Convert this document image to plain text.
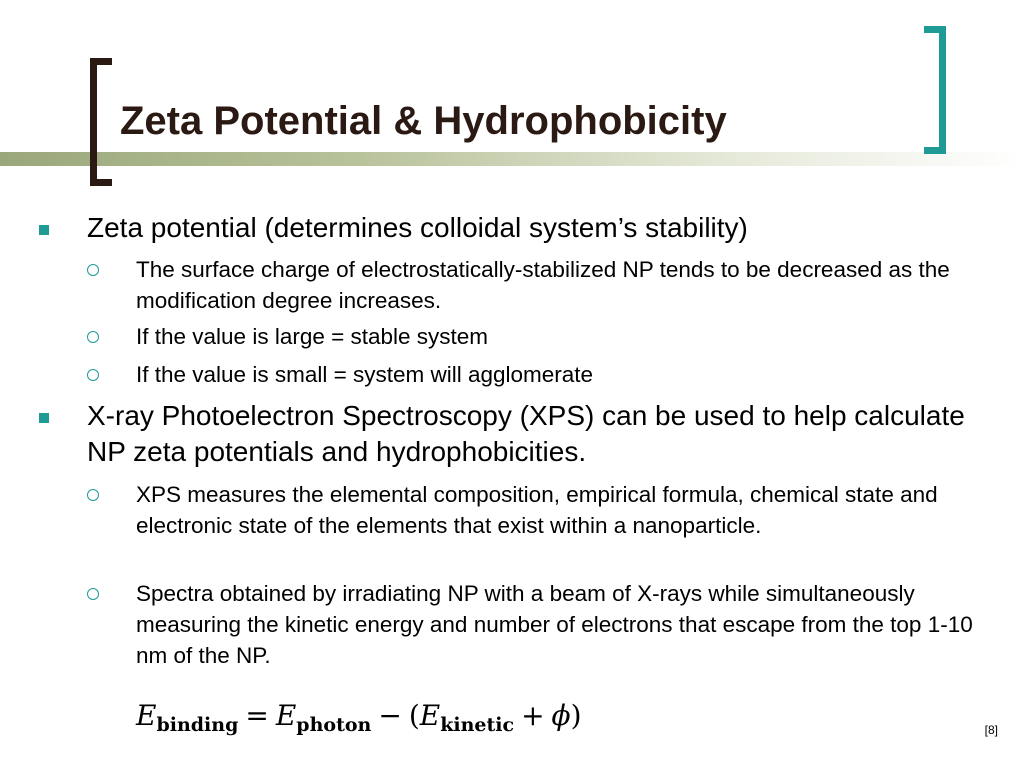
Zeta Potential & Hydrophobicity
Zeta potential (determines colloidal system’s stability)
The surface charge of electrostatically-stabilized NP tends to be decreased as the modification degree increases.
If the value is large = stable system
If the value is small = system will agglomerate
X-ray Photoelectron Spectroscopy (XPS) can be used to help calculate NP zeta potentials and hydrophobicities.
XPS measures the elemental composition, empirical formula, chemical state and electronic state of the elements that exist within a nanoparticle.
Spectra obtained by irradiating NP with a beam of X-rays while simultaneously measuring the kinetic energy and number of electrons that escape from the top 1-10 nm of the NP.
$E_{binding} = E_{photon} - (E_{kinetic} + \phi)$	[8]
